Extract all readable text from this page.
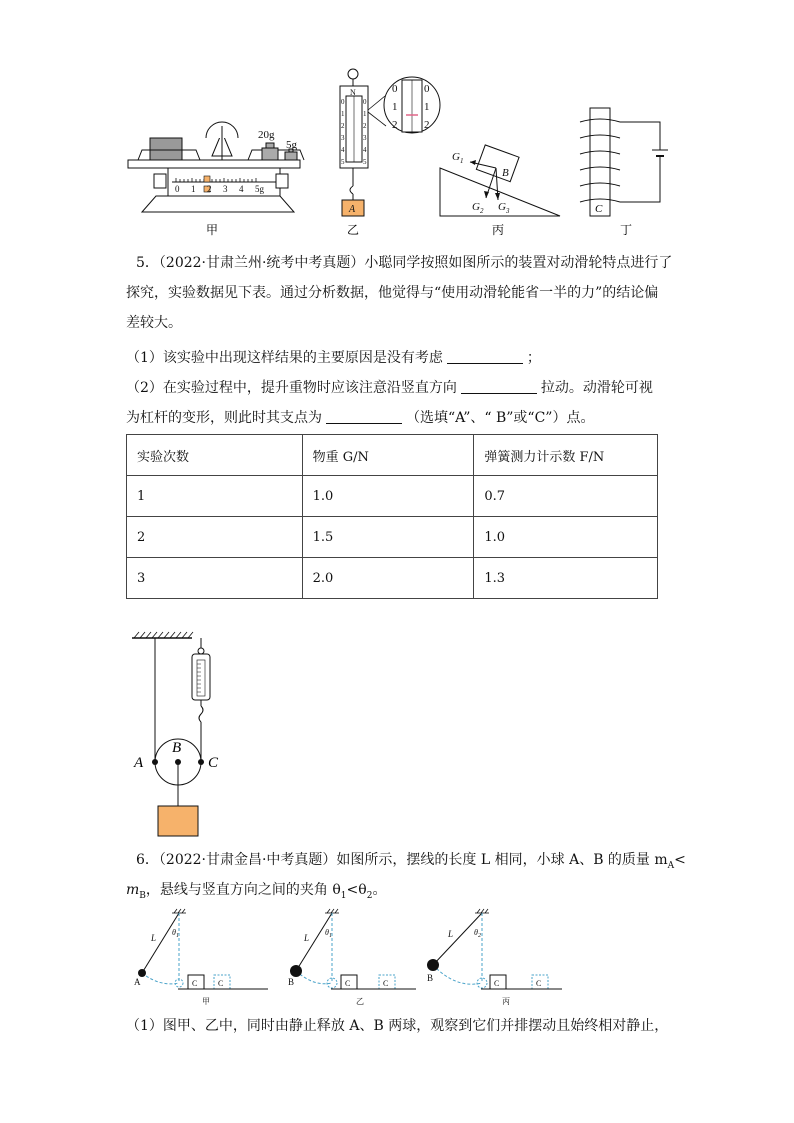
20g
5g
0 1 2 3 4 5g
甲
N
0
1
2
3
4
5
0
1
2
3
4
5
0
1
2
0
1
2
A
乙
$G_1$
B
$G_2$ $G_3$
丙
C
丁
5．（2022·甘肃兰州·统考中考真题）小聪同学按照如图所示的装置对动滑轮特点进行了
探究，实验数据见下表。通过分析数据，他觉得与“使用动滑轮能省一半的力”的结论偏
差较大。
（1）该实验中出现这样结果的主要原因是没有考虑	；
（2）在实验过程中，提升重物时应该注意沿竖直方向	拉动。动滑轮可视
为杠杆的变形，则此时其支点为	（选填“A”、“ B”或“C”）点。
实验次数	物重 G/N	弹簧测力计示数 F/N
1	1.0	0.7
2	1.5	1.0
3	2.0	1.3
A
B
C
6．（2022·甘肃金昌·中考真题）如图所示，摆线的长度 L 相同，小球 A、B 的质量 $m_A<$
$m_B$，悬线与竖直方向之间的夹角 $\theta_1<\theta_2$。
L
$\theta_1$
A	C	C
甲
L
$\theta_1$
B	C	C
乙
L	$\theta_2$
B
C	C
丙
（1）图甲、乙中，同时由静止释放 A、B 两球，观察到它们并排摆动且始终相对静止，
